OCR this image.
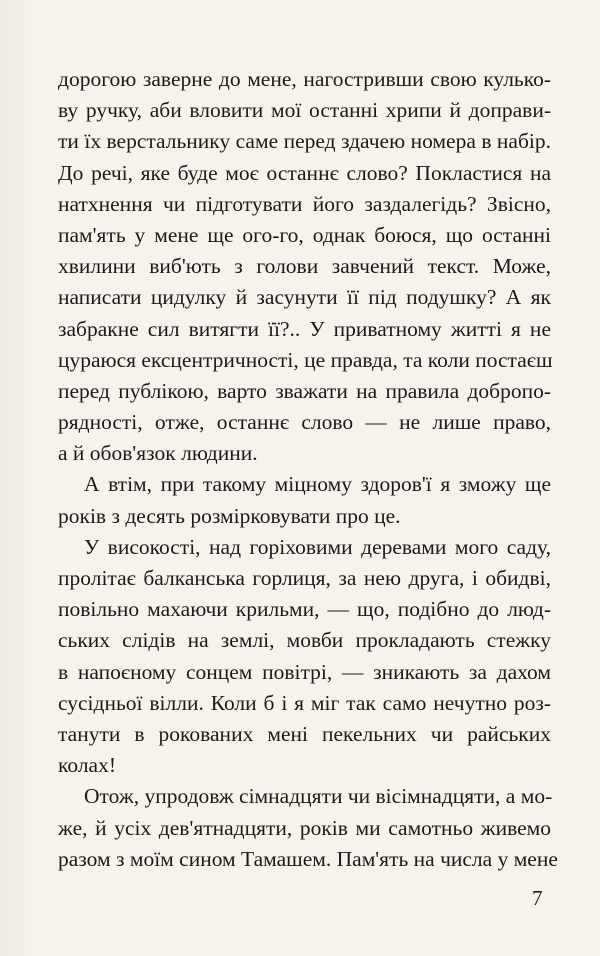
дорогою заверне до мене, нагостривши свою кулько-
ву ручку, аби вловити мої останні хрипи й доправи-
ти їх верстальнику саме перед здачею номера в набір.
До речі, яке буде моє останнє слово? Покластися на
натхнення чи підготувати його заздалегідь? Звісно,
пам'ять у мене ще ого-го, однак боюся, що останні
хвилини виб'ють з голови завчений текст. Може,
написати цидулку й засунути її під подушку? А як
забракне сил витягти її?.. У приватному житті я не
цураюся ексцентричності, це правда, та коли постаєш
перед публікою, варто зважати на правила добропо-
рядності, отже, останнє слово — не лише право,
а й обов'язок людини.
А втім, при такому міцному здоров'ї я зможу ще
років з десять розмірковувати про це.
У високості, над горіховими деревами мого саду,
пролітає балканська горлиця, за нею друга, і обидві,
повільно махаючи крильми, — що, подібно до люд-
ських слідів на землі, мовби прокладають стежку
в напоєному сонцем повітрі, — зникають за дахом
сусідньої вілли. Коли б і я міг так само нечутно роз-
танути в рокованих мені пекельних чи райських
колах!
Отож, упродовж сімнадцяти чи вісімнадцяти, а мо-
же, й усіх дев'ятнадцяти, років ми самотньо живемо
разом з моїм сином Тамашем. Пам'ять на числа у мене
7
